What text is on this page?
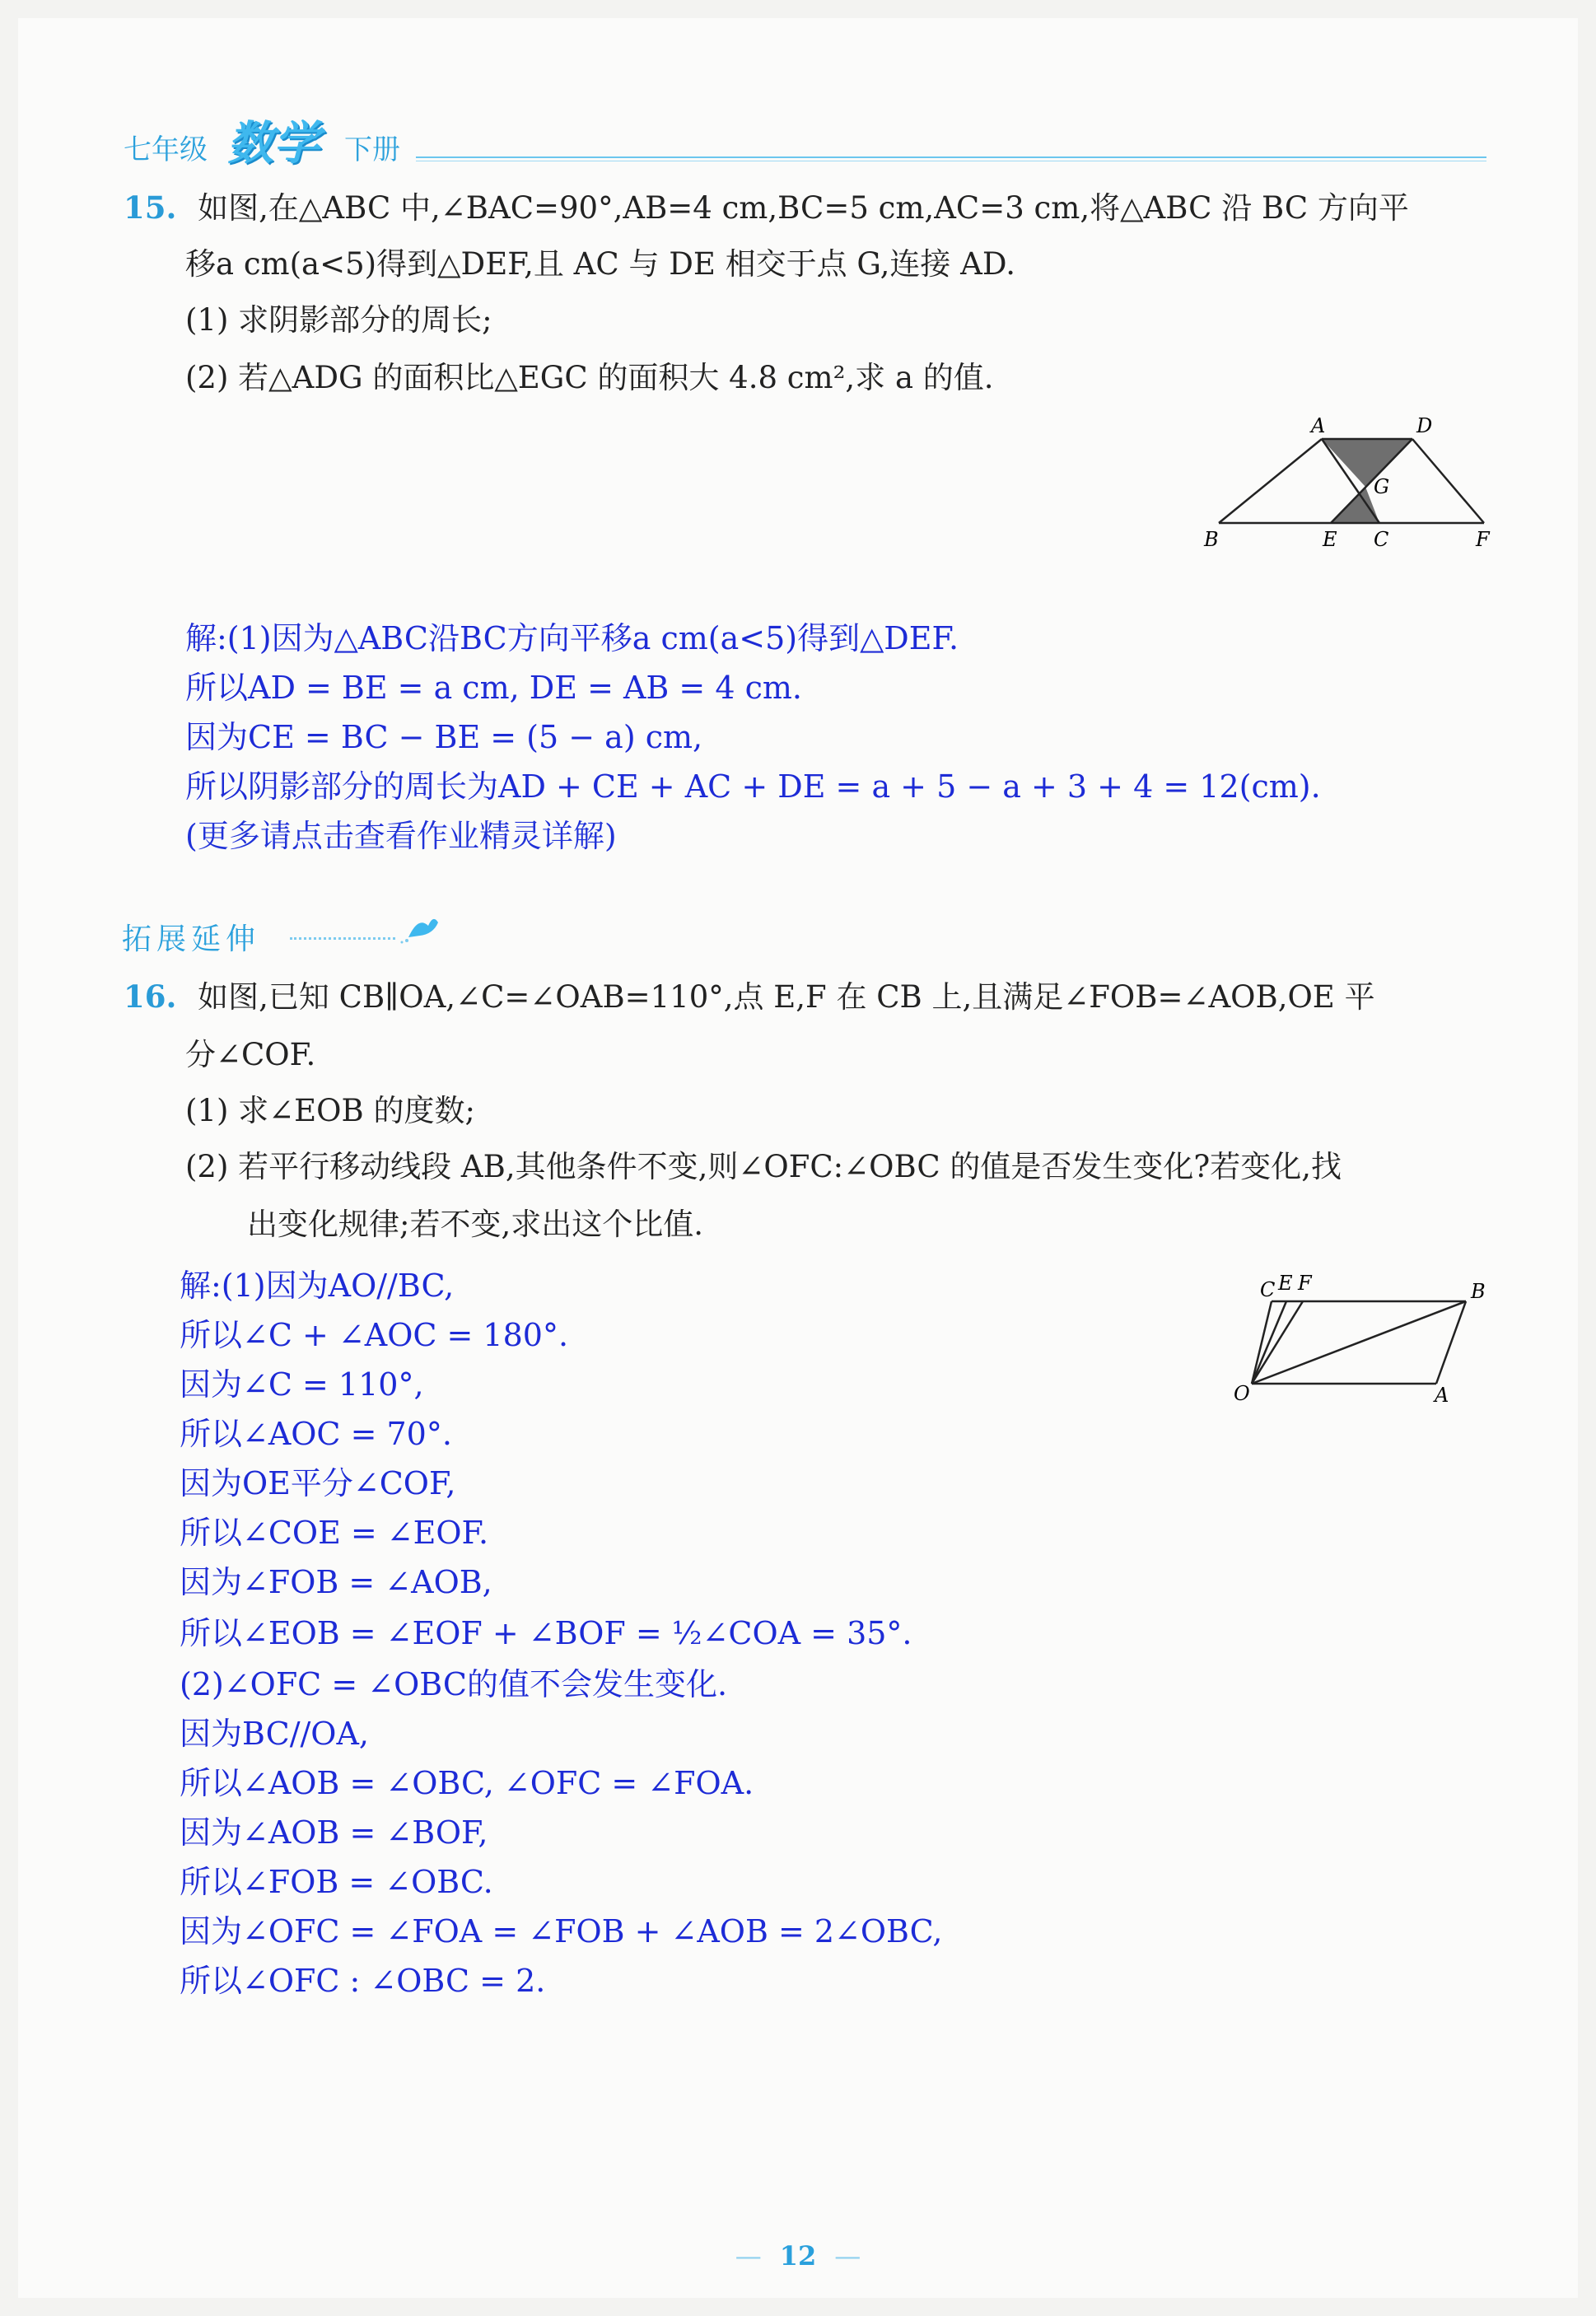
七年级 数学 下册
15. 如图,在△ABC 中,∠BAC=90°,AB=4 cm,BC=5 cm,AC=3 cm,将△ABC 沿 BC 方向平
移a cm(a<5)得到△DEF,且 AC 与 DE 相交于点 G,连接 AD.
(1) 求阴影部分的周长;
(2) 若△ADG 的面积比△EGC 的面积大 4.8 cm²,求 a 的值.
A	D
G
B	E C	F
解:(1)因为△ABC沿BC方向平移a cm(a<5)得到△DEF.
所以AD = BE = a cm, DE = AB = 4 cm.
因为CE = BC − BE = (5 − a) cm,
所以阴影部分的周长为AD + CE + AC + DE = a + 5 − a + 3 + 4 = 12(cm).
(更多请点击查看作业精灵详解)
拓展延伸
16. 如图,已知 CB∥OA,∠C=∠OAB=110°,点 E,F 在 CB 上,且满足∠FOB=∠AOB,OE 平
分∠COF.
(1) 求∠EOB 的度数;
(2) 若平行移动线段 AB,其他条件不变,则∠OFC:∠OBC 的值是否发生变化?若变化,找
出变化规律;若不变,求出这个比值.
C E F	B
O	A
解:(1)因为AO//BC,
所以∠C + ∠AOC = 180°.
因为∠C = 110°,
所以∠AOC = 70°.
因为OE平分∠COF,
所以∠COE = ∠EOF.
因为∠FOB = ∠AOB,
所以∠EOB = ∠EOF + ∠BOF = ½∠COA = 35°.
(2)∠OFC = ∠OBC的值不会发生变化.
因为BC//OA,
所以∠AOB = ∠OBC, ∠OFC = ∠FOA.
因为∠AOB = ∠BOF,
所以∠FOB = ∠OBC.
因为∠OFC = ∠FOA = ∠FOB + ∠AOB = 2∠OBC,
所以∠OFC : ∠OBC = 2.
— 12 —
